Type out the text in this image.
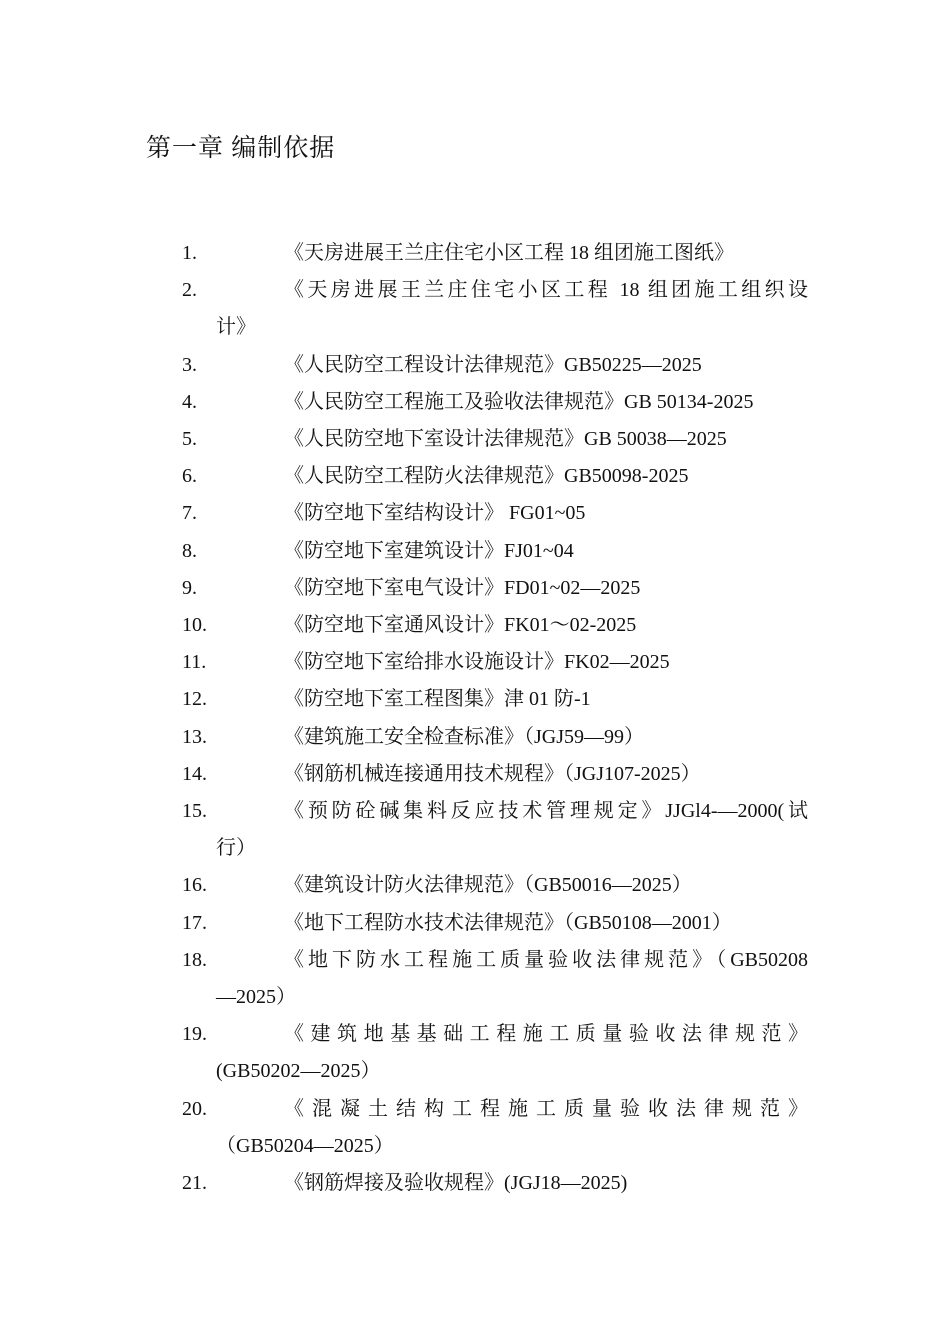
第一章 编制依据
1.	《天房进展王兰庄住宅小区工程 18 组团施工图纸》
2.	《天房进展王兰庄住宅小区工程 18 组团施工组织设
计》
3.	《人民防空工程设计法律规范》GB50225—2025
4.	《人民防空工程施工及验收法律规范》GB 50134-2025
5.	《人民防空地下室设计法律规范》GB 50038—2025
6.	《人民防空工程防火法律规范》GB50098-2025
7.	《防空地下室结构设计》 FG01~05
8.	《防空地下室建筑设计》FJ01~04
9.	《防空地下室电气设计》FD01~02—2025
10.	《防空地下室通风设计》FK01～02-2025
11.	《防空地下室给排水设施设计》FK02—2025
12.	《防空地下室工程图集》津 01 防-1
13.	《建筑施工安全检查标准》（JGJ59—99）
14.	《钢筋机械连接通用技术规程》（JGJ107-2025）
15.	《预防砼碱集料反应技术管理规定》JJGl4-—2000(试
行）
16.	《建筑设计防火法律规范》（GB50016—2025）
17.	《地下工程防水技术法律规范》（GB50108—2001）
18.	《地下防水工程施工质量验收法律规范》（GB50208
—2025）
19.	《建筑地基基础工程施工质量验收法律规范》
(GB50202—2025）
20.	《混凝土结构工程施工质量验收法律规范》
（GB50204—2025）
21.	《钢筋焊接及验收规程》(JGJ18—2025)
